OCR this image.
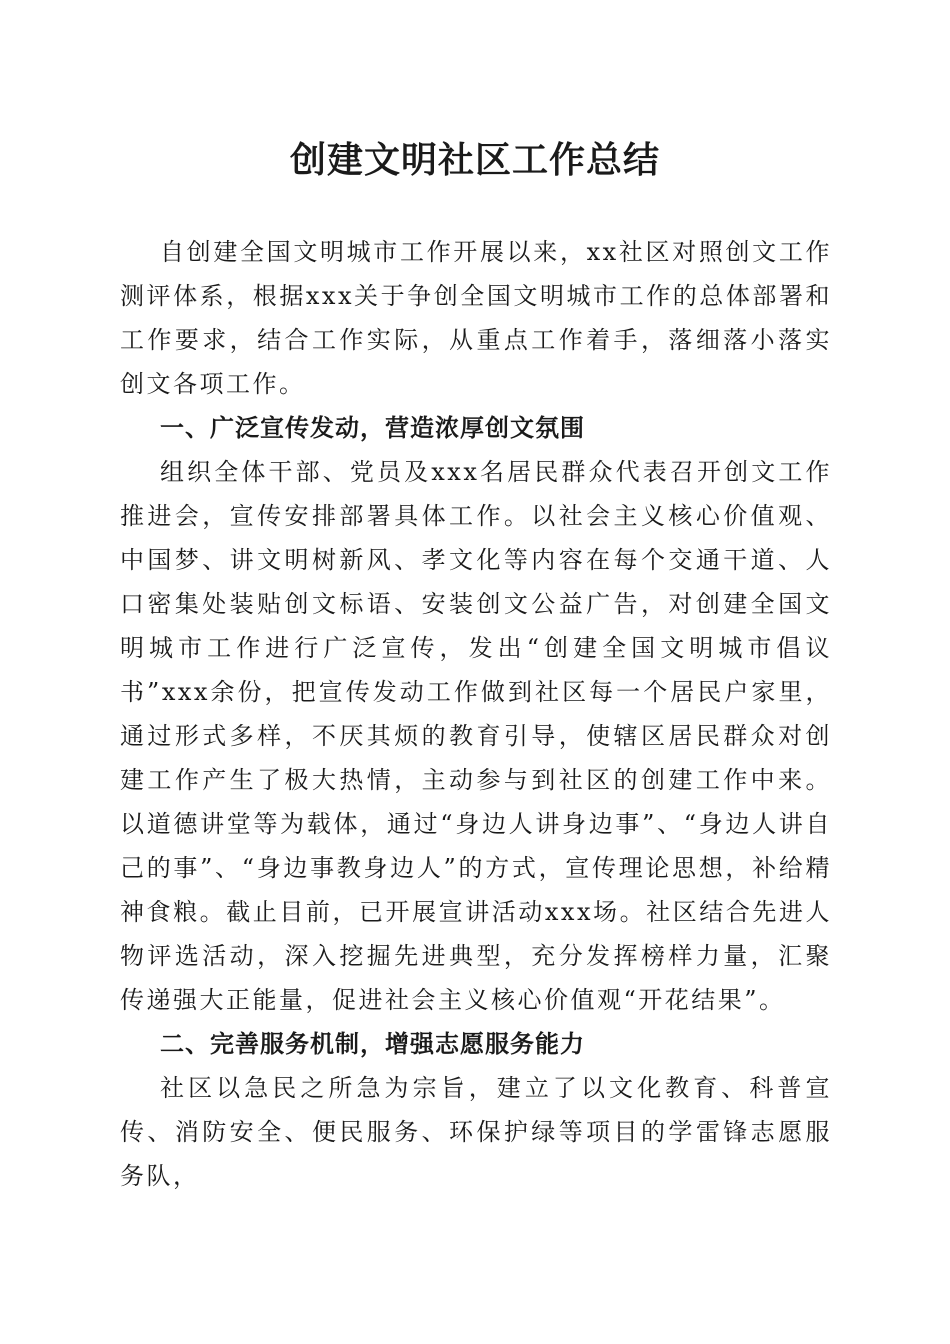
创建文明社区工作总结

自创建全国文明城市工作开展以来，xx社区对照创文工作测评体系，根据xxx关于争创全国文明城市工作的总体部署和工作要求，结合工作实际，从重点工作着手，落细落小落实创文各项工作。

一、广泛宣传发动，营造浓厚创文氛围

组织全体干部、党员及xxx名居民群众代表召开创文工作推进会，宣传安排部署具体工作。以社会主义核心价值观、中国梦、讲文明树新风、孝文化等内容在每个交通干道、人口密集处装贴创文标语、安装创文公益广告，对创建全国文明城市工作进行广泛宣传，发出“创建全国文明城市倡议书”xxx余份，把宣传发动工作做到社区每一个居民户家里，通过形式多样，不厌其烦的教育引导，使辖区居民群众对创建工作产生了极大热情，主动参与到社区的创建工作中来。以道德讲堂等为载体，通过“身边人讲身边事”、“身边人讲自己的事”、“身边事教身边人”的方式，宣传理论思想，补给精神食粮。截止目前，已开展宣讲活动xxx场。社区结合先进人物评选活动，深入挖掘先进典型，充分发挥榜样力量，汇聚传递强大正能量，促进社会主义核心价值观“开花结果”。

二、完善服务机制，增强志愿服务能力

社区以急民之所急为宗旨，建立了以文化教育、科普宣传、消防安全、便民服务、环保护绿等项目的学雷锋志愿服务队，
